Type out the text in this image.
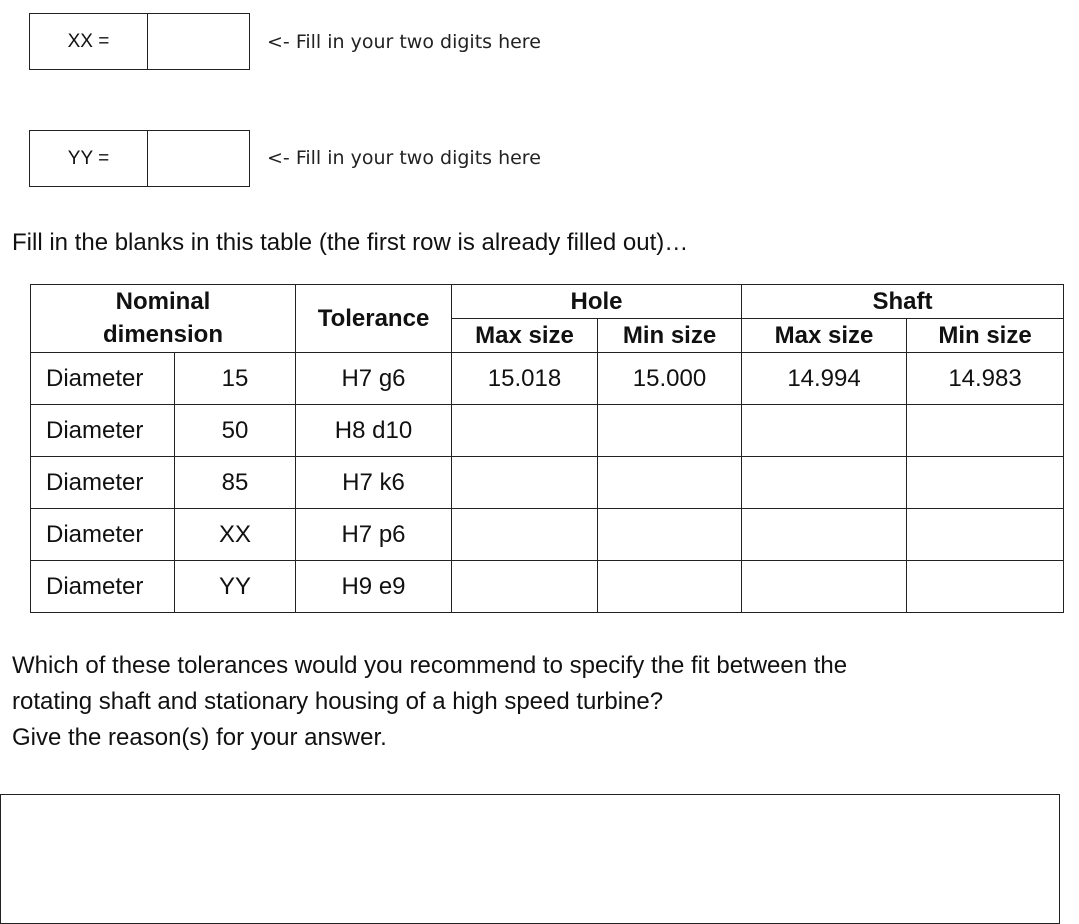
XX =	<- Fill in your two digits here
YY =	<- Fill in your two digits here
Fill in the blanks in this table (the first row is already filled out)…
Nominal dimension		Tolerance	Hole		Shaft	
			Max size	Min size	Max size	Min size
Diameter	15	H7 g6	15.018	15.000	14.994	14.983
Diameter	50	H8 d10				
Diameter	85	H7 k6				
Diameter	XX	H7 p6				
Diameter	YY	H9 e9				
Which of these tolerances would you recommend to specify the fit between the
rotating shaft and stationary housing of a high speed turbine?
Give the reason(s) for your answer.
